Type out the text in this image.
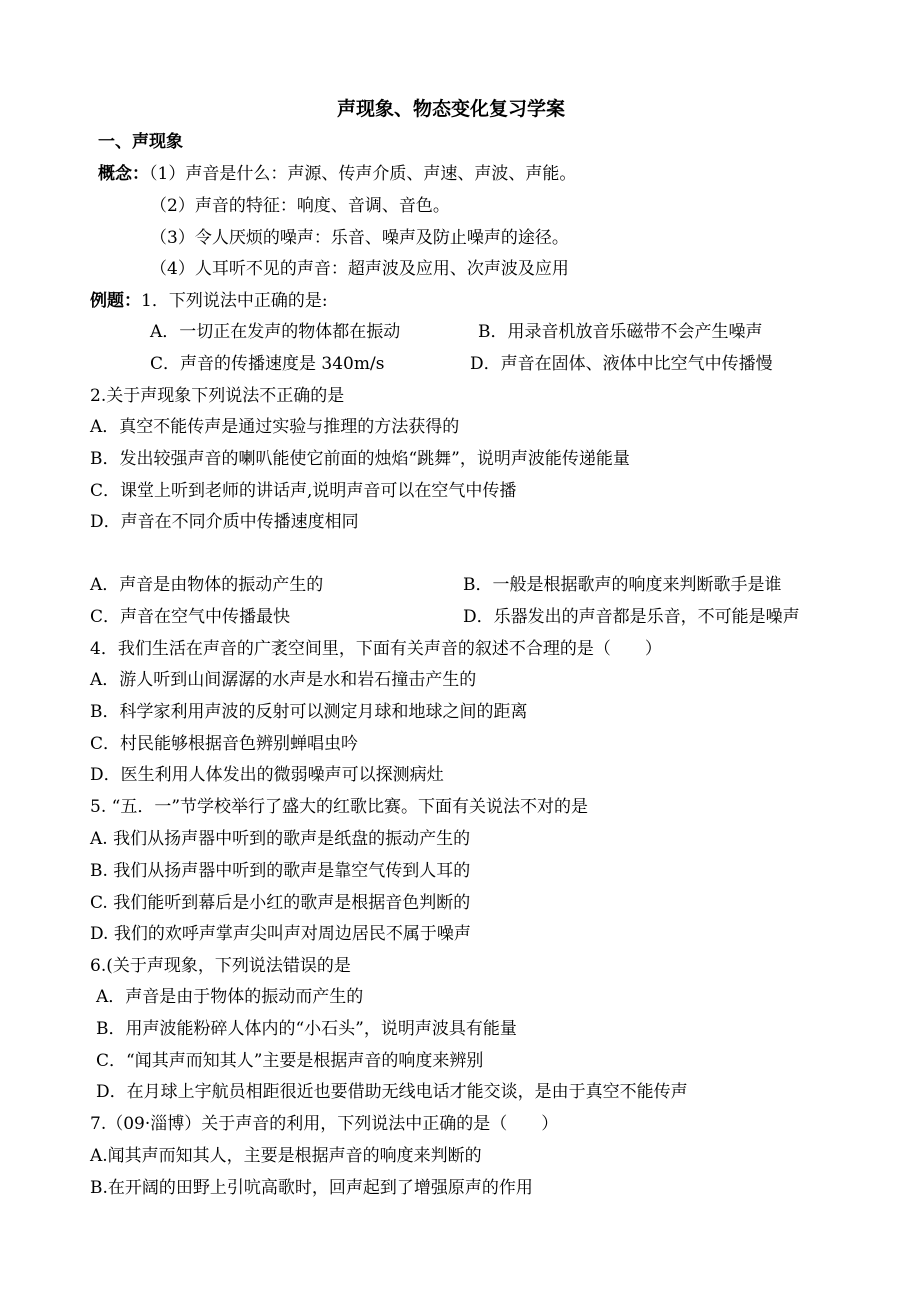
声现象、物态变化复习学案
一、声现象
概念：（1）声音是什么：声源、传声介质、声速、声波、声能。
（2）声音的特征：响度、音调、音色。
（3）令人厌烦的噪声：乐音、噪声及防止噪声的途径。
（4）人耳听不见的声音：超声波及应用、次声波及应用
例题：1．下列说法中正确的是:
A．一切正在发声的物体都在振动	B．用录音机放音乐磁带不会产生噪声
C．声音的传播速度是 340m/s	D．声音在固体、液体中比空气中传播慢
2.关于声现象下列说法不正确的是
A．真空不能传声是通过实验与推理的方法获得的
B．发出较强声音的喇叭能使它前面的烛焰“跳舞”，说明声波能传递能量
C．课堂上听到老师的讲话声,说明声音可以在空气中传播
D．声音在不同介质中传播速度相同
A．声音是由物体的振动产生的	B．一般是根据歌声的响度来判断歌手是谁
C．声音在空气中传播最快	D．乐器发出的声音都是乐音，不可能是噪声
4．我们生活在声音的广袤空间里，下面有关声音的叙述不合理的是（　　）
A．游人听到山间潺潺的水声是水和岩石撞击产生的
B．科学家利用声波的反射可以测定月球和地球之间的距离
C．村民能够根据音色辨别蝉唱虫吟
D．医生利用人体发出的微弱噪声可以探测病灶
5. “五．一”节学校举行了盛大的红歌比赛。下面有关说法不对的是
A. 我们从扬声器中听到的歌声是纸盘的振动产生的
B. 我们从扬声器中听到的歌声是靠空气传到人耳的
C. 我们能听到幕后是小红的歌声是根据音色判断的
D. 我们的欢呼声掌声尖叫声对周边居民不属于噪声
6.(关于声现象，下列说法错误的是
A．声音是由于物体的振动而产生的
B．用声波能粉碎人体内的“小石头”，说明声波具有能量
C．“闻其声而知其人”主要是根据声音的响度来辨别
D．在月球上宇航员相距很近也要借助无线电话才能交谈，是由于真空不能传声
7.（09·淄博）关于声音的利用，下列说法中正确的是（　　）
A.闻其声而知其人，主要是根据声音的响度来判断的
B.在开阔的田野上引吭高歌时，回声起到了增强原声的作用
